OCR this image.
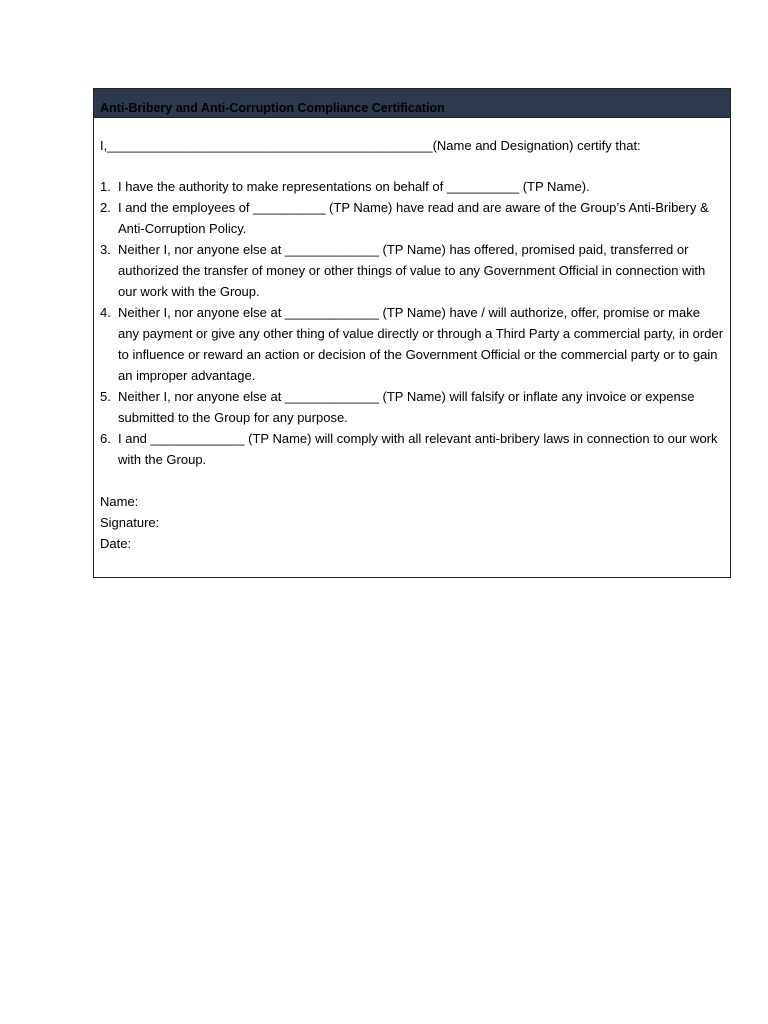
Anti-Bribery and Anti-Corruption Compliance Certification
I,_____________________________________________(Name and Designation) certify that:
1. I have the authority to make representations on behalf of __________ (TP Name).
2. I and the employees of __________ (TP Name) have read and are aware of the Group’s Anti-Bribery & Anti-Corruption Policy.
3. Neither I, nor anyone else at _____________ (TP Name) has offered, promised paid, transferred or authorized the transfer of money or other things of value to any Government Official in connection with our work with the Group.
4. Neither I, nor anyone else at _____________ (TP Name) have / will authorize, offer, promise or make any payment or give any other thing of value directly or through a Third Party a commercial party, in order to influence or reward an action or decision of the Government Official or the commercial party or to gain an improper advantage.
5. Neither I, nor anyone else at _____________ (TP Name) will falsify or inflate any invoice or expense submitted to the Group for any purpose.
6. I and _____________ (TP Name) will comply with all relevant anti-bribery laws in connection to our work with the Group.
Name:
Signature:
Date:
